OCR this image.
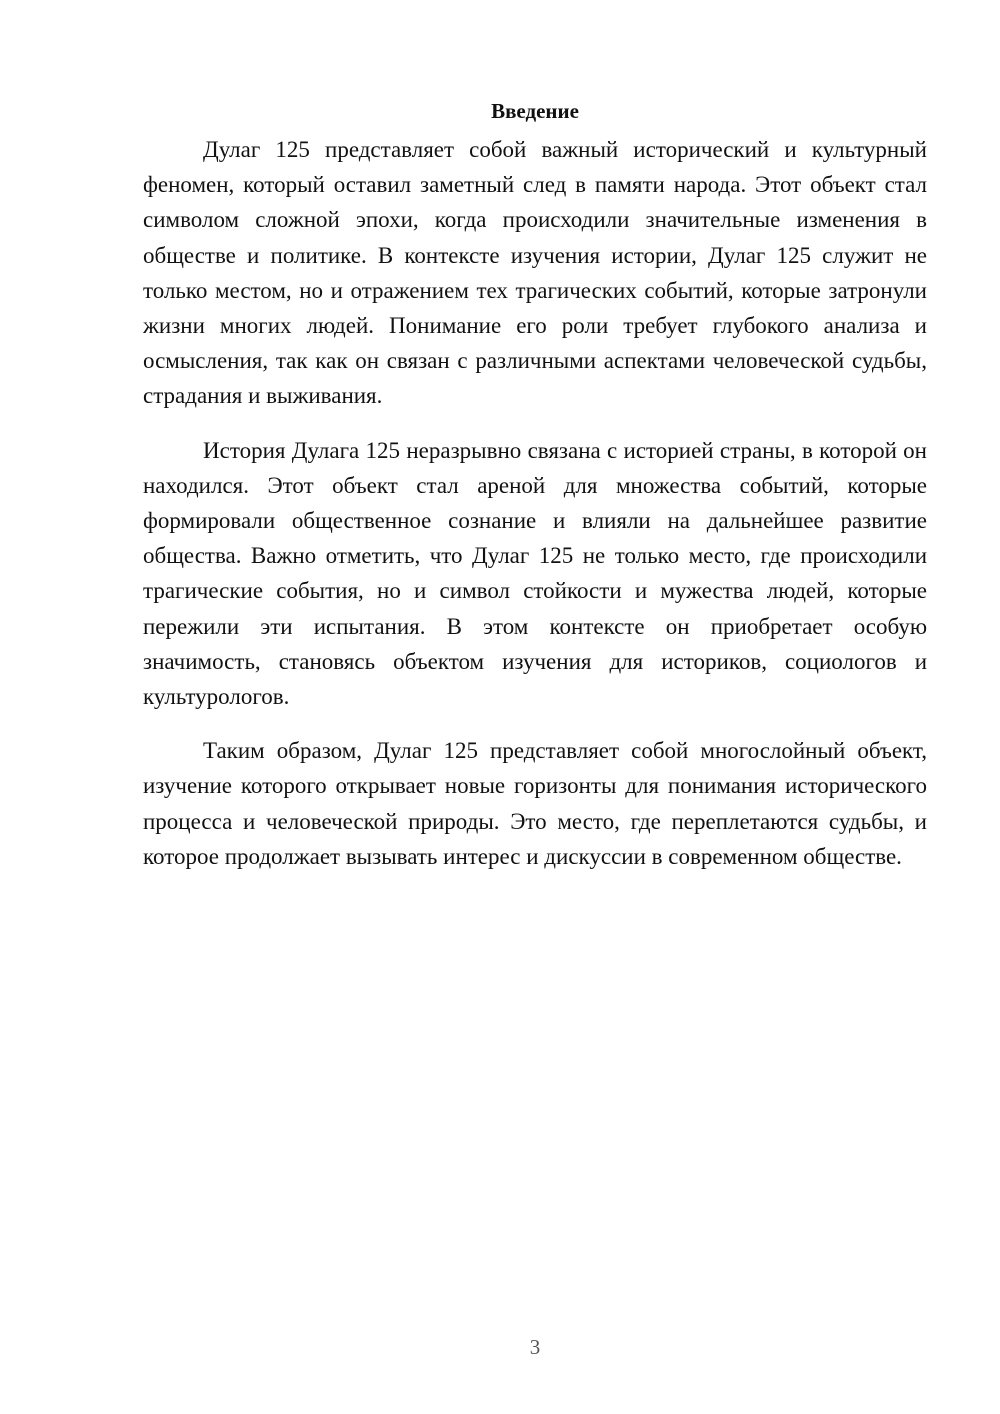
Введение

Дулаг 125 представляет собой важный исторический и культурный феномен, который оставил заметный след в памяти народа. Этот объект стал символом сложной эпохи, когда происходили значительные изменения в обществе и политике. В контексте изучения истории, Дулаг 125 служит не только местом, но и отражением тех трагических событий, которые затронули жизни многих людей. Понимание его роли требует глубокого анализа и осмысления, так как он связан с различными аспектами человеческой судьбы, страдания и выживания.

История Дулага 125 неразрывно связана с историей страны, в которой он находился. Этот объект стал ареной для множества событий, которые формировали общественное сознание и влияли на дальнейшее развитие общества. Важно отметить, что Дулаг 125 не только место, где происходили трагические события, но и символ стойкости и мужества людей, которые пережили эти испытания. В этом контексте он приобретает особую значимость, становясь объектом изучения для историков, социологов и культурологов.

Таким образом, Дулаг 125 представляет собой многослойный объект, изучение которого открывает новые горизонты для понимания исторического процесса и человеческой природы. Это место, где переплетаются судьбы, и которое продолжает вызывать интерес и дискуссии в современном обществе.

3
